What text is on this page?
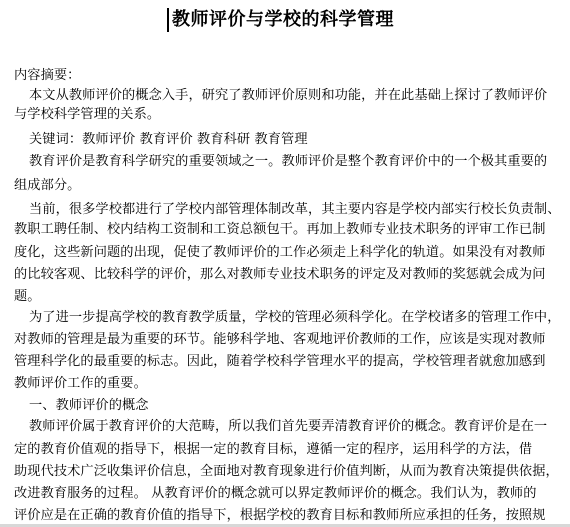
教师评价与学校的科学管理
内容摘要：
本文从教师评价的概念入手，研究了教师评价原则和功能，并在此基础上探讨了教师评价
与学校科学管理的关系。
关键词：教师评价 教育评价 教育科研 教育管理
教育评价是教育科学研究的重要领域之一。教师评价是整个教育评价中的一个极其重要的
组成部分。
当前，很多学校都进行了学校内部管理体制改革，其主要内容是学校内部实行校长负责制、
教职工聘任制、校内结构工资制和工资总额包干。再加上教师专业技术职务的评审工作已制
度化，这些新问题的出现，促使了教师评价的工作必须走上科学化的轨道。如果没有对教师
的比较客观、比较科学的评价，那么对教师专业技术职务的评定及对教师的奖惩就会成为问
题。
为了进一步提高学校的教育教学质量，学校的管理必须科学化。在学校诸多的管理工作中，
对教师的管理是最为重要的环节。能够科学地、客观地评价教师的工作，应该是实现对教师
管理科学化的最重要的标志。因此，随着学校科学管理水平的提高，学校管理者就愈加感到
教师评价工作的重要。
一、教师评价的概念
教师评价属于教育评价的大范畴，所以我们首先要弄清教育评价的概念。教育评价是在一
定的教育价值观的指导下，根据一定的教育目标，遵循一定的程序，运用科学的方法，借
助现代技术广泛收集评价信息，全面地对教育现象进行价值判断，从而为教育决策提供依据，
改进教育服务的过程。 从教育评价的概念就可以界定教师评价的概念。我们认为，教师的
评价应是在正确的教育价值的指导下，根据学校的教育目标和教师所应承担的任务，按照规
